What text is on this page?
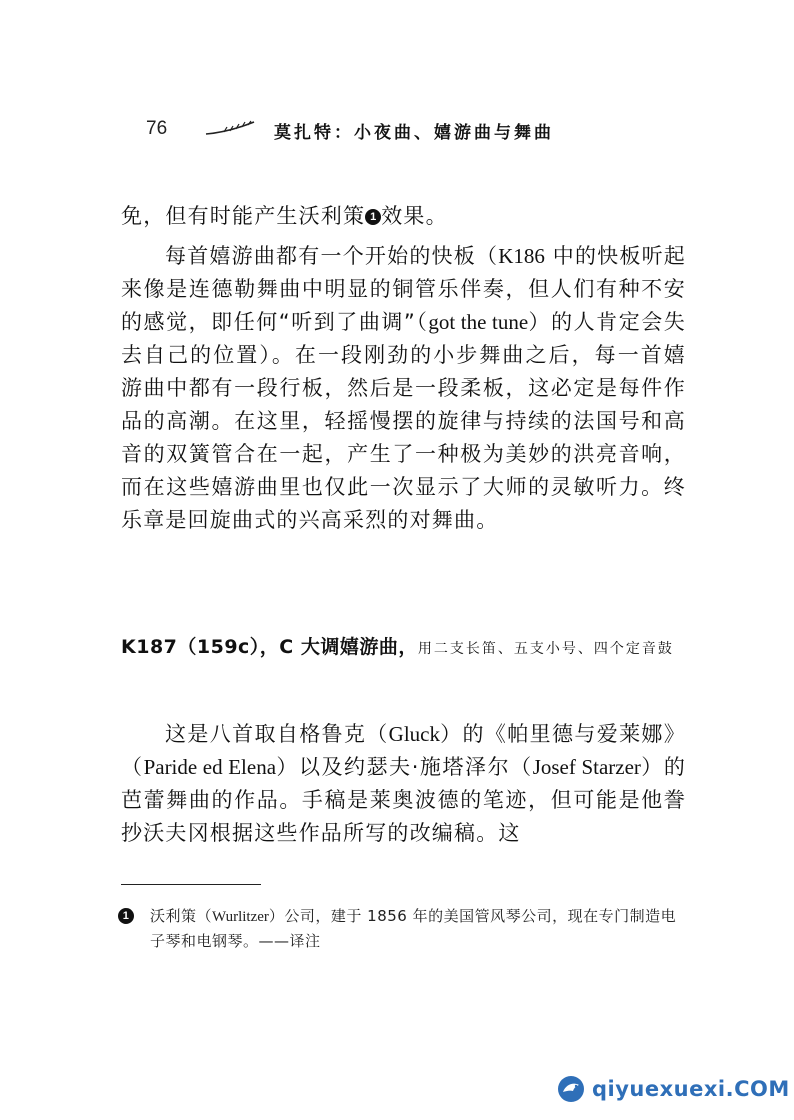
76	莫扎特：小夜曲、嬉游曲与舞曲

免，但有时能产生沃利策 1 效果。

每首嬉游曲都有一个开始的快板（K186 中的快板听起来像是连德勒舞曲中明显的铜管乐伴奏，但人们有种不安的感觉，即任何“听到了曲调”（got the tune）的人肯定会失去自己的位置）。在一段刚劲的小步舞曲之后，每一首嬉游曲中都有一段行板，然后是一段柔板，这必定是每件作品的高潮。在这里，轻摇慢摆的旋律与持续的法国号和高音的双簧管合在一起，产生了一种极为美妙的洪亮音响，而在这些嬉游曲里也仅此一次显示了大师的灵敏听力。终乐章是回旋曲式的兴高采烈的对舞曲。

K187（159c），C 大调嬉游曲，用二支长笛、五支小号、四个定音鼓

这是八首取自格鲁克（Gluck）的《帕里德与爱莱娜》（Paride ed Elena）以及约瑟夫·施塔泽尔（Josef Starzer）的芭蕾舞曲的作品。手稿是莱奥波德的笔迹，但可能是他誊抄沃夫冈根据这些作品所写的改编稿。这

1	沃利策（Wurlitzer）公司，建于 1856 年的美国管风琴公司，现在专门制造电子琴和电钢琴。——译注
qiyuexuexi.COM
